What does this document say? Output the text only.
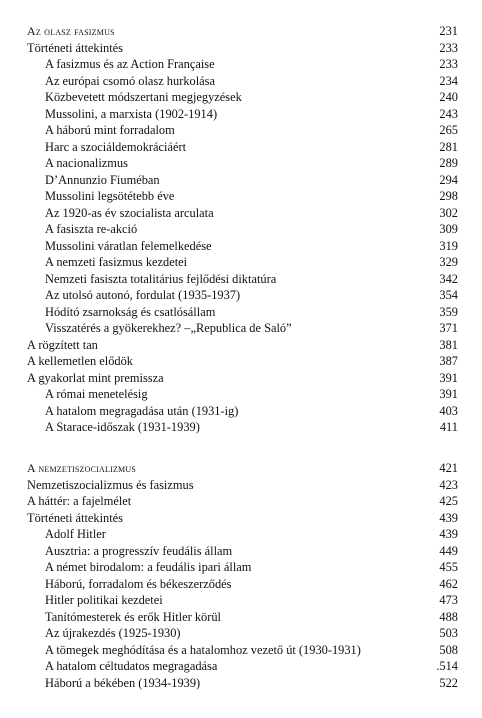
Az olasz fasizmus	231
Történeti áttekintés	233
A fasizmus és az Action Française	233
Az európai csomó olasz hurkolása	234
Közbevetett módszertani megjegyzések	240
Mussolini, a marxista (1902-1914)	243
A háború mint forradalom	265
Harc a szociáldemokráciáért	281
A nacionalizmus	289
D’Annunzio Fiuméban	294
Mussolini legsötétebb éve	298
Az 1920-as év szocialista arculata	302
A fasiszta re-akció	309
Mussolini váratlan felemelkedése	319
A nemzeti fasizmus kezdetei	329
Nemzeti fasiszta totalitárius fejlődési diktatúra	342
Az utolsó autonó, fordulat (1935-1937)	354
Hódító zsarnokság és csatlósállam	359
Visszatérés a gyökerekhez? –„Republica de Saló”	371
A rögzített tan	381
A kellemetlen elődök	387
A gyakorlat mint premissza	391
A római menetelésig	391
A hatalom megragadása után (1931-ig)	403
A Starace-időszak (1931-1939)	411
A nemzetiszocializmus	421
Nemzetiszocializmus és fasizmus	423
A háttér: a fajelmélet	425
Történeti áttekintés	439
Adolf Hitler	439
Ausztria: a progresszív feudális állam	449
A német birodalom: a feudális ipari állam	455
Háború, forradalom és békeszerződés	462
Hitler politikai kezdetei	473
Tanítómesterek és erők Hitler körül	488
Az újrakezdés (1925-1930)	503
A tömegek meghódítása és a hatalomhoz vezető út (1930-1931)	508
A hatalom céltudatos megragadása	.514
Háború a békében (1934-1939)	522
